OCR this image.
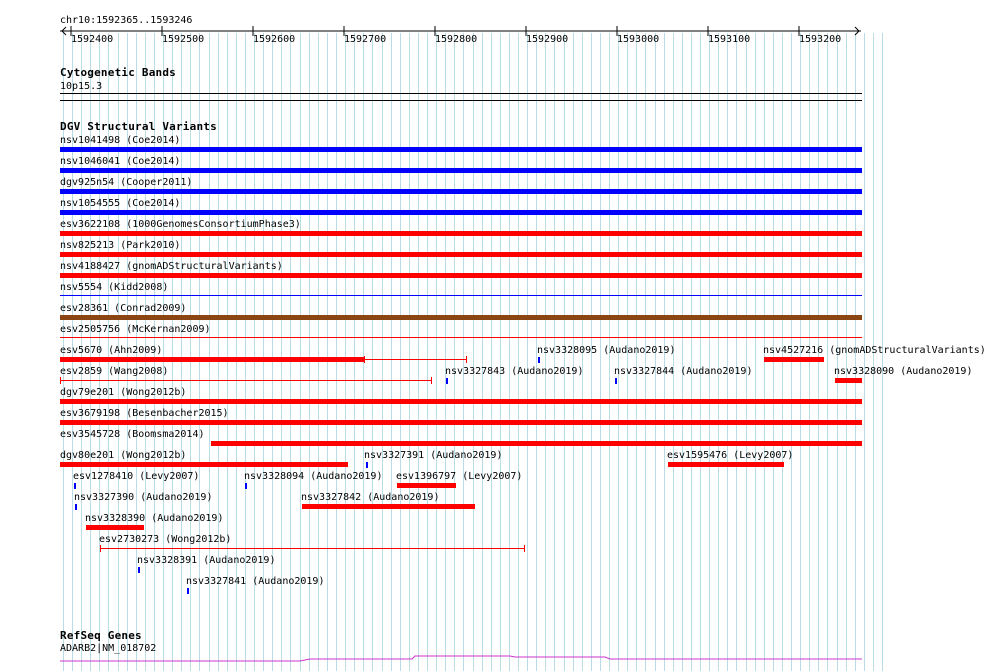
chr10:1592365..1593246
1592400	1592500	1592600	1592700	1592800	1592900	1593000	1593100	1593200
Cytogenetic Bands
10p15.3
DGV Structural Variants
nsv1041498 (Coe2014)
nsv1046041 (Coe2014)
dgv925n54 (Cooper2011)
nsv1054555 (Coe2014)
esv3622108 (1000GenomesConsortiumPhase3)
nsv825213 (Park2010)
nsv4188427 (gnomADStructuralVariants)
nsv5554 (Kidd2008)
esv28361 (Conrad2009)
esv2505756 (McKernan2009)
esv5670 (Ahn2009)	nsv3328095 (Audano2019)	nsv4527216 (gnomADStructuralVariants)
esv2859 (Wang2008)	nsv3327843 (Audano2019)	nsv3327844 (Audano2019)	nsv3328090 (Audano2019)
dgv79e201 (Wong2012b)
esv3679198 (Besenbacher2015)
esv3545728 (Boomsma2014)
dgv80e201 (Wong2012b)	nsv3327391 (Audano2019)	esv1595476 (Levy2007)
esv1278410 (Levy2007)	nsv3328094 (Audano2019) esv1396797 (Levy2007)
nsv3327390 (Audano2019)	nsv3327842 (Audano2019)
nsv3328390 (Audano2019)
esv2730273 (Wong2012b)
nsv3328391 (Audano2019)
nsv3327841 (Audano2019)
RefSeq Genes
ADARB2|NM_018702
